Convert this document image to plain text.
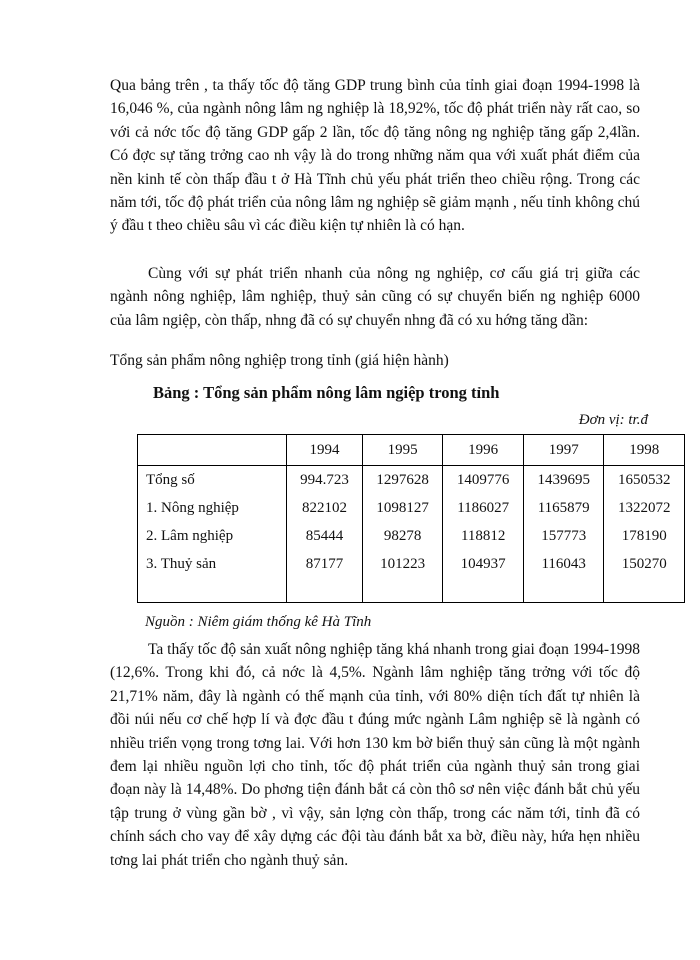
Qua bảng trên , ta thấy tốc độ tăng GDP trung bình của tỉnh giai đoạn 1994-1998 là 16,046 %, của ngành nông lâm ng nghiệp là 18,92%, tốc độ phát triển này rất cao, so với cả nớc tốc độ tăng GDP gấp 2 lần, tốc độ tăng nông ng nghiệp tăng gấp 2,4lần. Có đợc sự tăng trởng cao nh vậy là do trong những năm qua với xuất phát điểm của nền kinh tế còn thấp đầu t ở Hà Tĩnh chủ yếu phát triển theo chiều rộng. Trong các năm tới, tốc độ phát triển của nông lâm ng nghiệp sẽ giảm mạnh , nếu tỉnh không chú ý đầu t theo chiều sâu vì các điều kiện tự nhiên là có hạn.

Cùng với sự phát triển nhanh của nông ng nghiệp, cơ cấu giá trị giữa các ngành nông nghiệp, lâm nghiệp, thuỷ sản cũng có sự chuyển biến ng nghiệp 6000 của lâm ngiệp, còn thấp, nhng đã có sự chuyển nhng đã có xu hớng tăng dần:

Tổng sản phẩm nông nghiệp trong tỉnh (giá hiện hành)

Bảng : Tổng sản phẩm nông lâm ngiệp trong tỉnh

Đơn vị: tr.đ

	1994	1995	1996	1997	1998
Tổng số	994.723	1297628	1409776	1439695	1650532
1. Nông nghiệp	822102	1098127	1186027	1165879	1322072
2. Lâm nghiệp	85444	98278	118812	157773	178190
3. Thuỷ sản	87177	101223	104937	116043	150270

Nguồn : Niêm giám thống kê Hà Tĩnh

Ta thấy tốc độ sản xuất nông nghiệp tăng khá nhanh trong giai đoạn 1994-1998 (12,6%. Trong khi đó, cả nớc là 4,5%. Ngành lâm nghiệp tăng trởng với tốc độ 21,71% năm, đây là ngành có thế mạnh của tỉnh, với 80% diện tích đất tự nhiên là đồi núi nếu cơ chế hợp lí và đợc đầu t đúng mức ngành Lâm nghiệp sẽ là ngành có nhiều triển vọng trong tơng lai. Với hơn 130 km bờ biển thuỷ sản cũng là một ngành đem lại nhiều nguồn lợi cho tỉnh, tốc độ phát triển của ngành thuỷ sản trong giai đoạn này là 14,48%. Do phơng tiện đánh bắt cá còn thô sơ nên việc đánh bắt chủ yếu tập trung ở vùng gần bờ , vì vậy, sản lợng còn thấp, trong các năm tới, tỉnh đã có chính sách cho vay để xây dựng các đội tàu đánh bắt xa bờ, điều này, hứa hẹn nhiều tơng lai phát triển cho ngành thuỷ sản.
